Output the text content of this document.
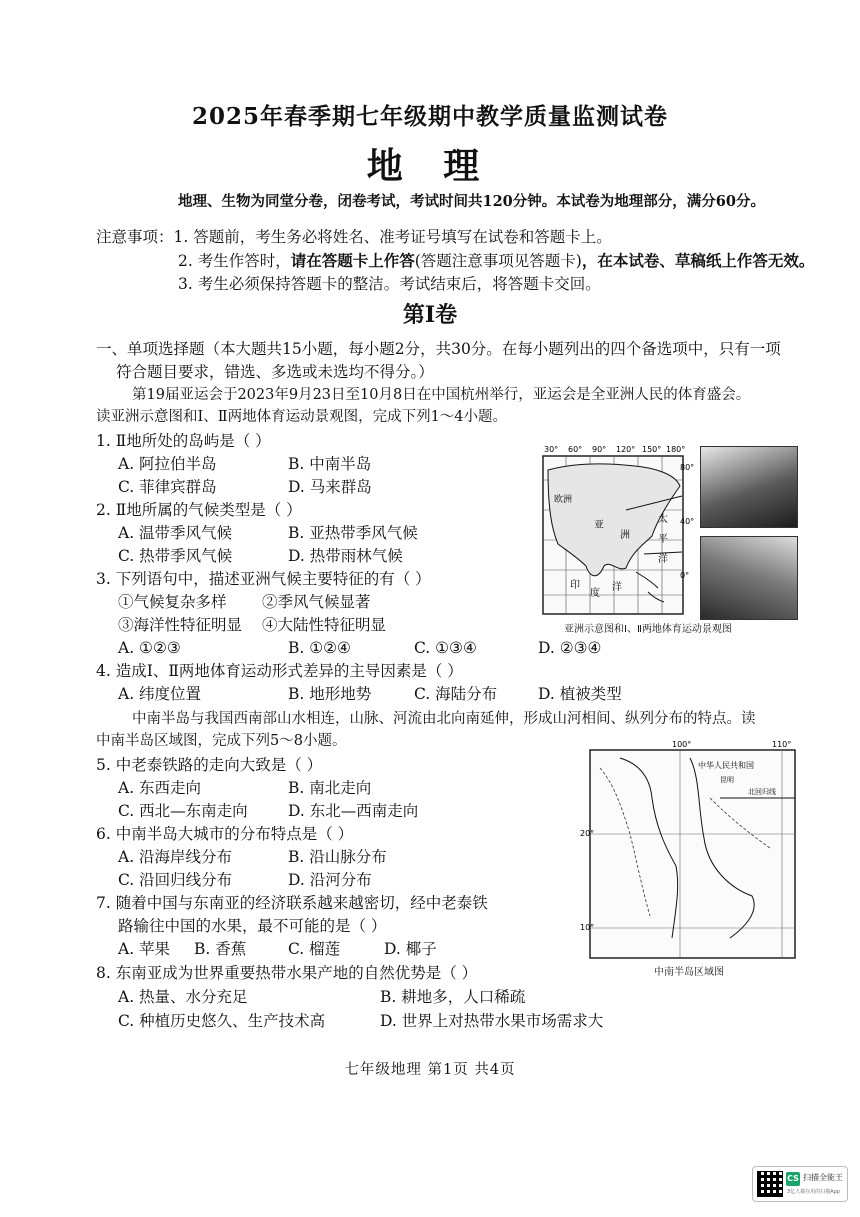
2025年春季期七年级期中教学质量监测试卷
地 理
地理、生物为同堂分卷，闭卷考试，考试时间共120分钟。本试卷为地理部分，满分60分。
注意事项：1. 答题前，考生务必将姓名、准考证号填写在试卷和答题卡上。
2. 考生作答时，请在答题卡上作答(答题注意事项见答题卡)，在本试卷、草稿纸上作答无效。
3. 考生必须保持答题卡的整洁。考试结束后，将答题卡交回。
第Ⅰ卷
一、单项选择题（本大题共15小题，每小题2分，共30分。在每小题列出的四个备选项中，只有一项
符合题目要求，错选、多选或未选均不得分。）
第19届亚运会于2023年9月23日至10月8日在中国杭州举行，亚运会是全亚洲人民的体育盛会。
读亚洲示意图和Ⅰ、Ⅱ两地体育运动景观图，完成下列1～4小题。
1. Ⅱ地所处的岛屿是（ ）
A. 阿拉伯半岛	B. 中南半岛
C. 菲律宾群岛	D. 马来群岛
2. Ⅱ地所属的气候类型是（ ）
A. 温带季风气候	B. 亚热带季风气候
C. 热带季风气候	D. 热带雨林气候
3. 下列语句中，描述亚洲气候主要特征的有（ ）
①气候复杂多样 ②季风气候显著
③海洋性特征明显 ④大陆性特征明显
A. ①②③	B. ①②④	C. ①③④	D. ②③④
4. 造成Ⅰ、Ⅱ两地体育运动形式差异的主导因素是（ ）
A. 纬度位置	B. 地形地势	C. 海陆分布	D. 植被类型
中南半岛与我国西南部山水相连，山脉、河流由北向南延伸，形成山河相间、纵列分布的特点。读
中南半岛区域图，完成下列5～8小题。
5. 中老泰铁路的走向大致是（ ）
A. 东西走向	B. 南北走向
C. 西北—东南走向	D. 东北—西南走向
6. 中南半岛大城市的分布特点是（ ）
A. 沿海岸线分布	B. 沿山脉分布
C. 沿回归线分布	D. 沿河分布
7. 随着中国与东南亚的经济联系越来越密切，经中老泰铁
路输往中国的水果，最不可能的是（ ）
A. 苹果 B. 香蕉	C. 榴莲	D. 椰子
8. 东南亚成为世界重要热带水果产地的自然优势是（ ）
A. 热量、水分充足	B. 耕地多，人口稀疏
C. 种植历史悠久、生产技术高	D. 世界上对热带水果市场需求大
30° 60° 90° 120° 150° 180°
欧洲
亚
洲
太
平
洋
印
度
洋
80°
40°
0°
亚洲示意图和Ⅰ、Ⅱ两地体育运动景观图
100°	110°
中华人民共和国
昆明
北回归线
20°
10°
中南半岛区域图
七年级地理 第1页 共4页
CS 扫描全能王
3亿人都在用的扫描App
